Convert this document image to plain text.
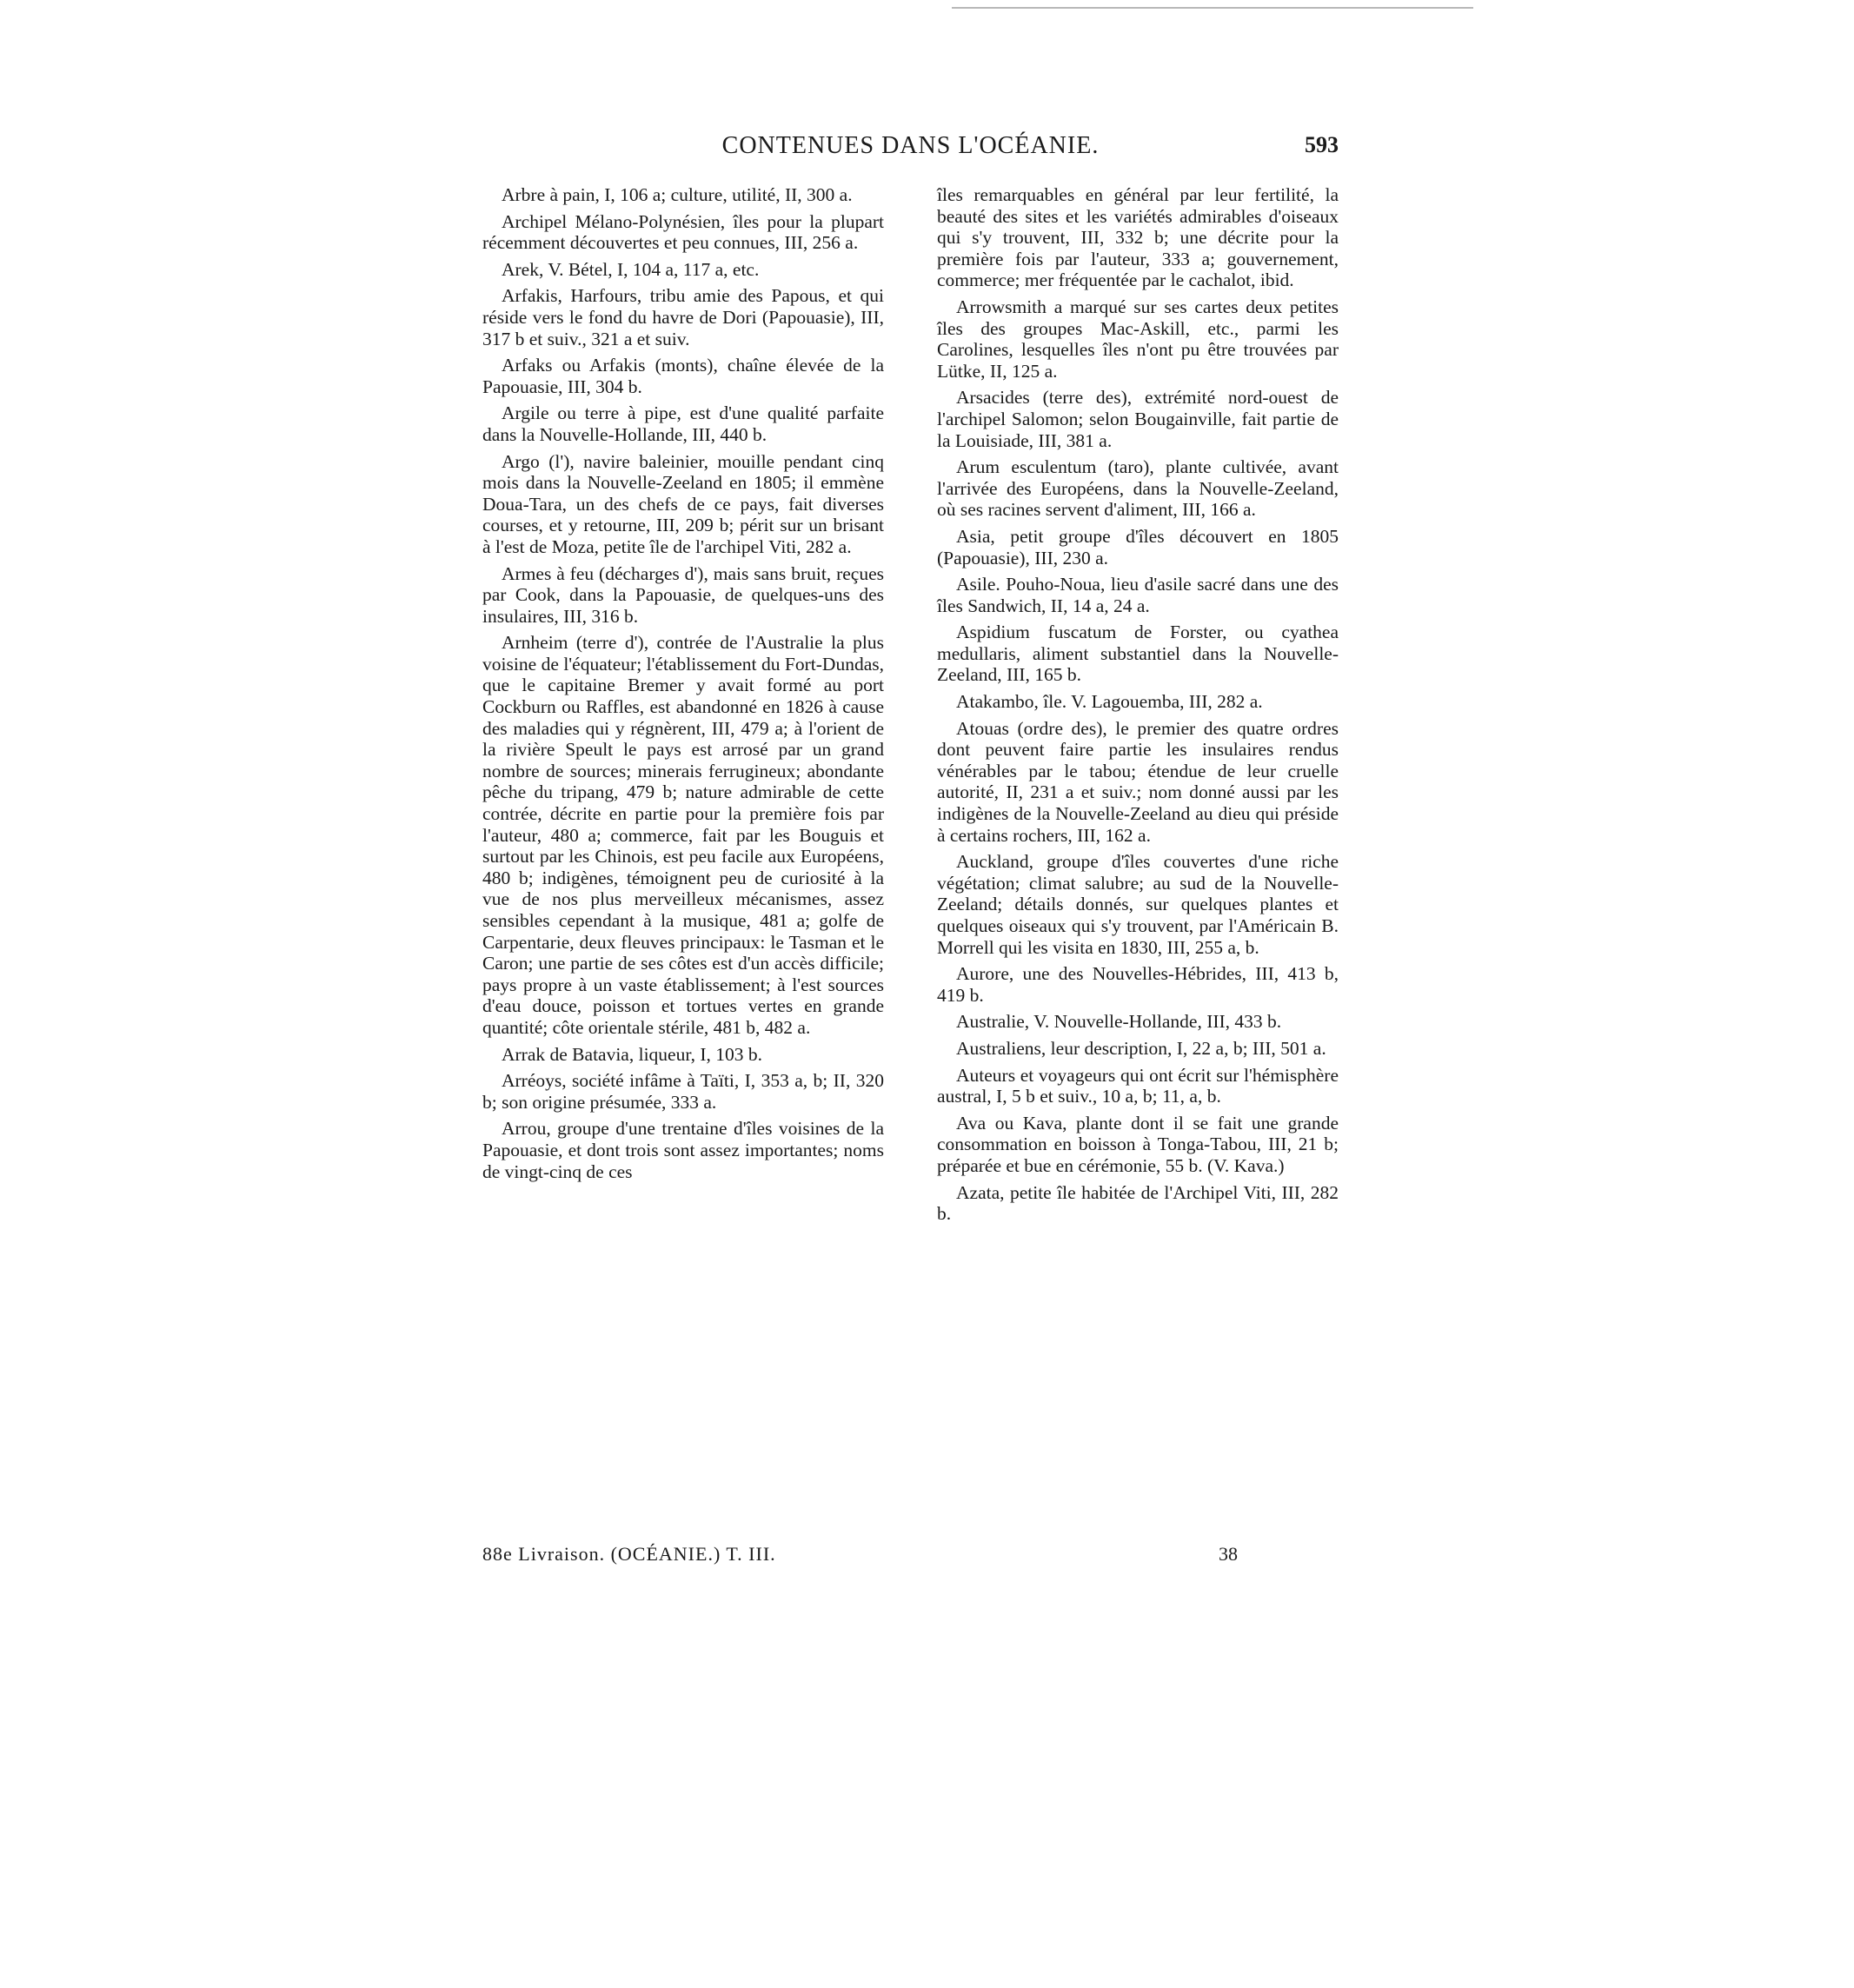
CONTENUES DANS L'OCÉANIE.	593

Arbre à pain, I, 106 a; culture, utilité, II, 300 a.

Archipel Mélano-Polynésien, îles pour la plupart récemment découvertes et peu connues, III, 256 a.

Arek, V. Bétel, I, 104 a, 117 a, etc.

Arfakis, Harfours, tribu amie des Papous, et qui réside vers le fond du havre de Dori (Papouasie), III, 317 b et suiv., 321 a et suiv.

Arfaks ou Arfakis (monts), chaîne élevée de la Papouasie, III, 304 b.

Argile ou terre à pipe, est d'une qualité parfaite dans la Nouvelle-Hollande, III, 440 b.

Argo (l'), navire baleinier, mouille pendant cinq mois dans la Nouvelle-Zeeland en 1805; il emmène Doua-Tara, un des chefs de ce pays, fait diverses courses, et y retourne, III, 209 b; périt sur un brisant à l'est de Moza, petite île de l'archipel Viti, 282 a.

Armes à feu (décharges d'), mais sans bruit, reçues par Cook, dans la Papouasie, de quelques-uns des insulaires, III, 316 b.

Arnheim (terre d'), contrée de l'Australie la plus voisine de l'équateur; l'établissement du Fort-Dundas, que le capitaine Bremer y avait formé au port Cockburn ou Raffles, est abandonné en 1826 à cause des maladies qui y régnèrent, III, 479 a; à l'orient de la rivière Speult le pays est arrosé par un grand nombre de sources; minerais ferrugineux; abondante pêche du tripang, 479 b; nature admirable de cette contrée, décrite en partie pour la première fois par l'auteur, 480 a; commerce, fait par les Bouguis et surtout par les Chinois, est peu facile aux Européens, 480 b; indigènes, témoignent peu de curiosité à la vue de nos plus merveilleux mécanismes, assez sensibles cependant à la musique, 481 a; golfe de Carpentarie, deux fleuves principaux: le Tasman et le Caron; une partie de ses côtes est d'un accès difficile; pays propre à un vaste établissement; à l'est sources d'eau douce, poisson et tortues vertes en grande quantité; côte orientale stérile, 481 b, 482 a.

Arrak de Batavia, liqueur, I, 103 b.

Arréoys, société infâme à Taïti, I, 353 a, b; II, 320 b; son origine présumée, 333 a.

Arrou, groupe d'une trentaine d'îles voisines de la Papouasie, et dont trois sont assez importantes; noms de vingt-cinq de ces

îles remarquables en général par leur fertilité, la beauté des sites et les variétés admirables d'oiseaux qui s'y trouvent, III, 332 b; une décrite pour la première fois par l'auteur, 333 a; gouvernement, commerce; mer fréquentée par le cachalot, ibid.

Arrowsmith a marqué sur ses cartes deux petites îles des groupes Mac-Askill, etc., parmi les Carolines, lesquelles îles n'ont pu être trouvées par Lütke, II, 125 a.

Arsacides (terre des), extrémité nord-ouest de l'archipel Salomon; selon Bougainville, fait partie de la Louisiade, III, 381 a.

Arum esculentum (taro), plante cultivée, avant l'arrivée des Européens, dans la Nouvelle-Zeeland, où ses racines servent d'aliment, III, 166 a.

Asia, petit groupe d'îles découvert en 1805 (Papouasie), III, 230 a.

Asile. Pouho-Noua, lieu d'asile sacré dans une des îles Sandwich, II, 14 a, 24 a.

Aspidium fuscatum de Forster, ou cyathea medullaris, aliment substantiel dans la Nouvelle-Zeeland, III, 165 b.

Atakambo, île. V. Lagouemba, III, 282 a.

Atouas (ordre des), le premier des quatre ordres dont peuvent faire partie les insulaires rendus vénérables par le tabou; étendue de leur cruelle autorité, II, 231 a et suiv.; nom donné aussi par les indigènes de la Nouvelle-Zeeland au dieu qui préside à certains rochers, III, 162 a.

Auckland, groupe d'îles couvertes d'une riche végétation; climat salubre; au sud de la Nouvelle-Zeeland; détails donnés, sur quelques plantes et quelques oiseaux qui s'y trouvent, par l'Américain B. Morrell qui les visita en 1830, III, 255 a, b.

Aurore, une des Nouvelles-Hébrides, III, 413 b, 419 b.

Australie, V. Nouvelle-Hollande, III, 433 b.

Australiens, leur description, I, 22 a, b; III, 501 a.

Auteurs et voyageurs qui ont écrit sur l'hémisphère austral, I, 5 b et suiv., 10 a, b; 11, a, b.

Ava ou Kava, plante dont il se fait une grande consommation en boisson à Tonga-Tabou, III, 21 b; préparée et bue en cérémonie, 55 b. (V. Kava.)

Azata, petite île habitée de l'Archipel Viti, III, 282 b.

88e Livraison. (OCÉANIE.) T. III.	38
